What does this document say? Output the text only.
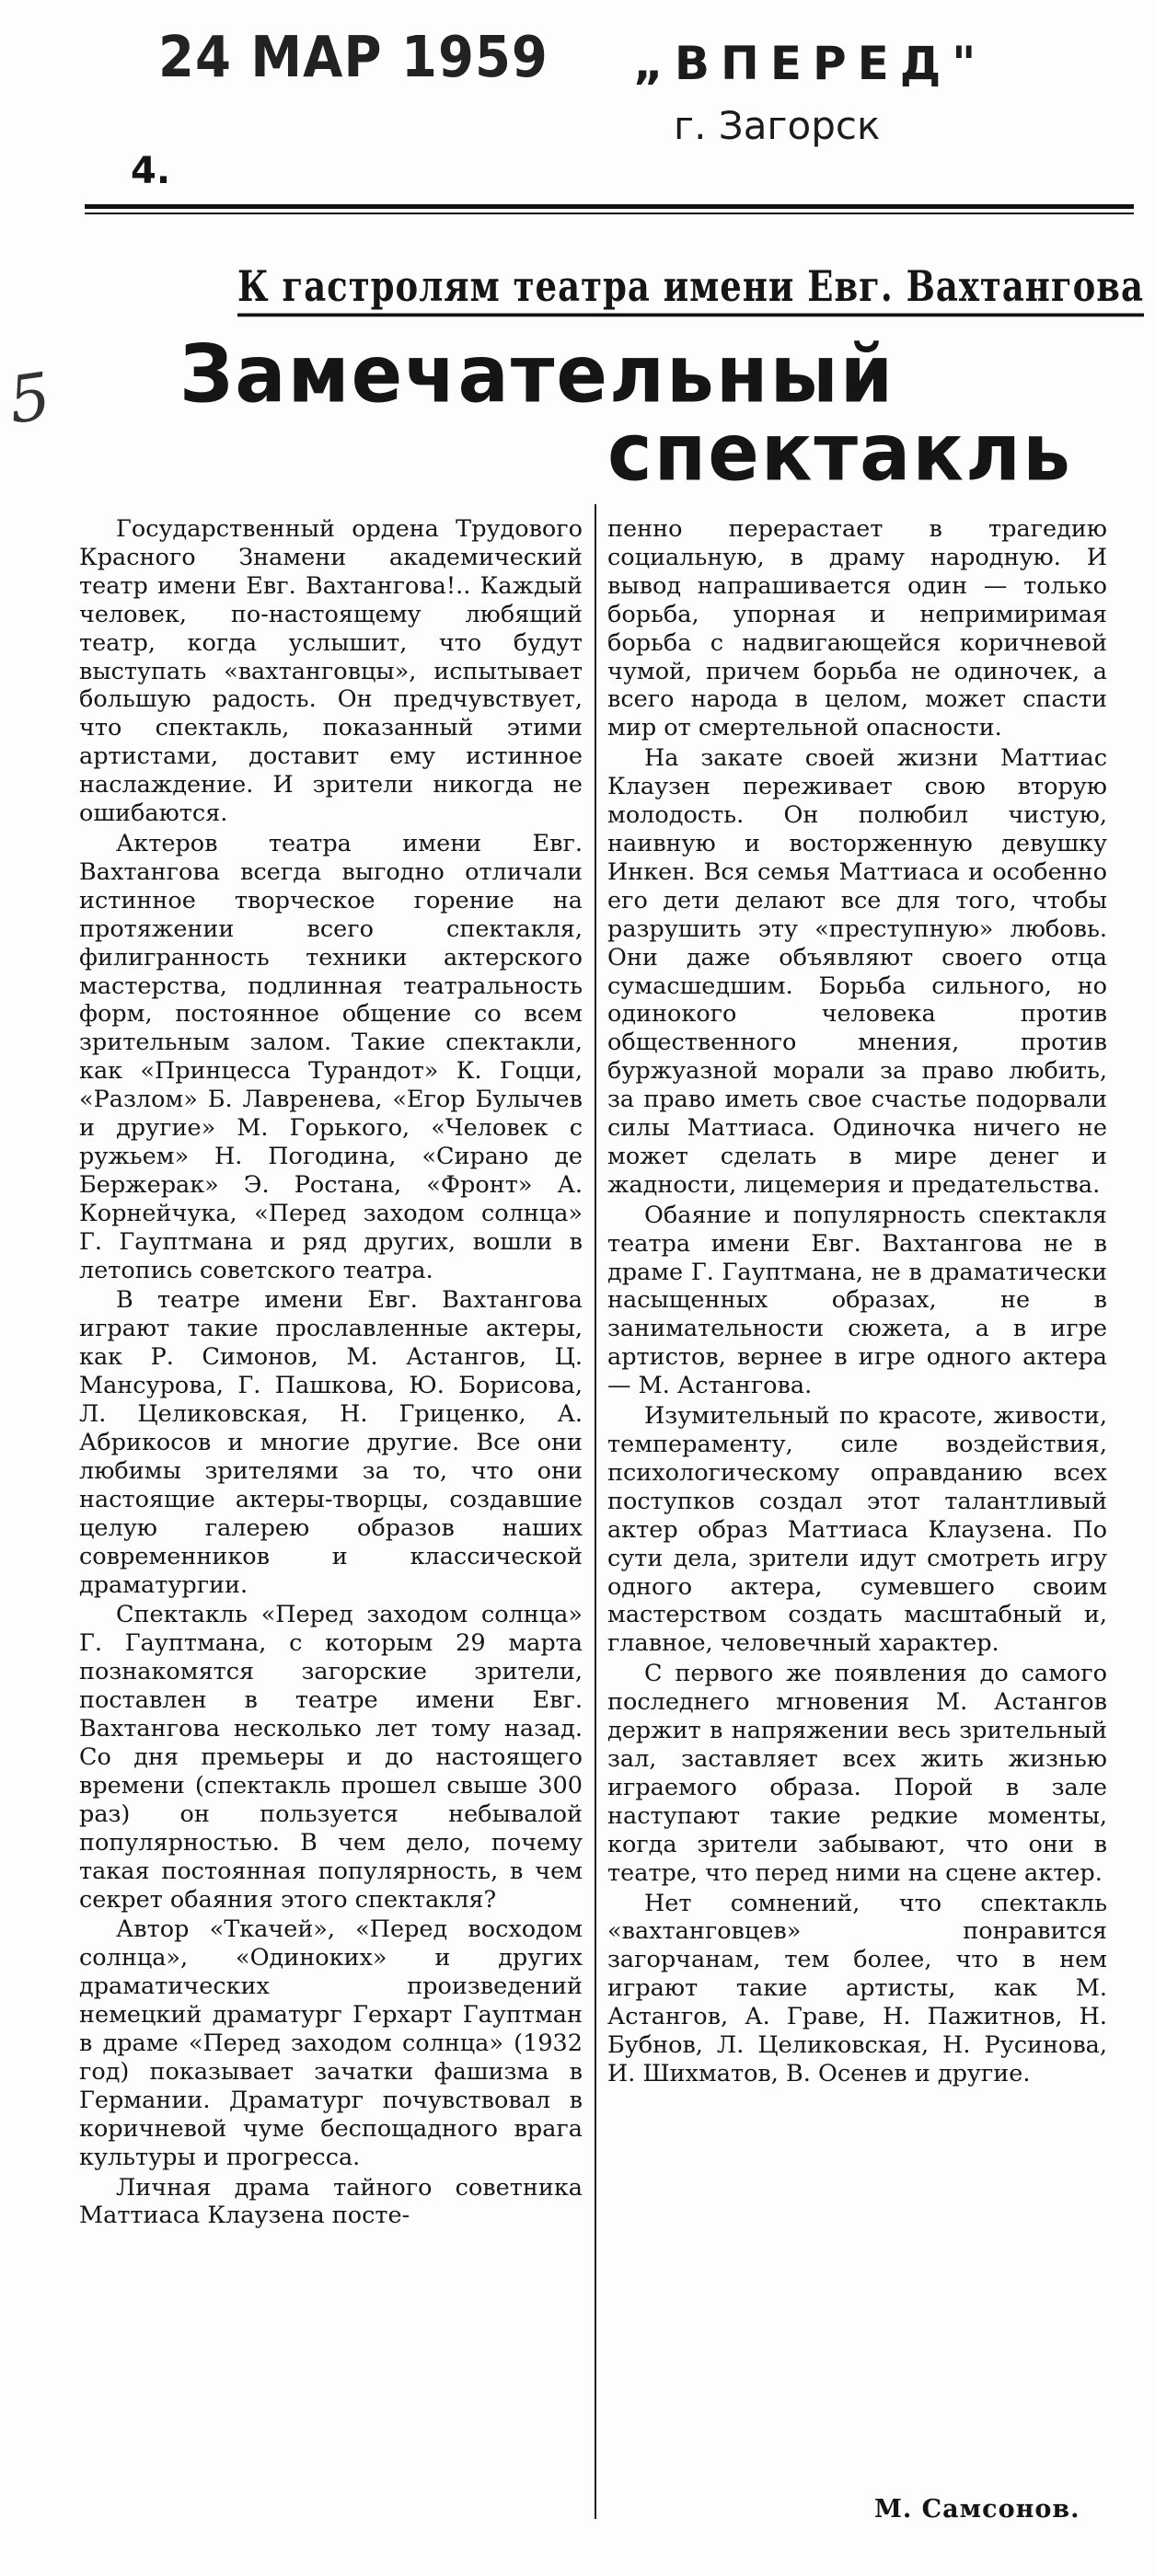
24 МАР 1959 „ВПЕРЕД"
г. Загорск
4.
5
К гастролям театра имени Евг. Вахтангова
Замечательный
спектакль

Государственный ордена Трудового Красного Знамени академический театр имени Евг. Вахтангова!.. Каждый человек, по-настоящему любящий театр, когда услышит, что будут выступать «вахтанговцы», испытывает большую радость. Он предчувствует, что спектакль, показанный этими артистами, доставит ему истинное наслаждение. И зрители никогда не ошибаются.

Актеров театра имени Евг. Вахтангова всегда выгодно отличали истинное творческое горение на протяжении всего спектакля, филигранность техники актерского мастерства, подлинная театральность форм, постоянное общение со всем зрительным залом. Такие спектакли, как «Принцесса Турандот» К. Гоцци, «Разлом» Б. Лавренева, «Егор Булычев и другие» М. Горького, «Человек с ружьем» Н. Погодина, «Сирано де Бержерак» Э. Ростана, «Фронт» А. Корнейчука, «Перед заходом солнца» Г. Гауптмана и ряд других, вошли в летопись советского театра.

В театре имени Евг. Вахтангова играют такие прославленные актеры, как Р. Симонов, М. Астангов, Ц. Мансурова, Г. Пашкова, Ю. Борисова, Л. Целиковская, Н. Гриценко, А. Абрикосов и многие другие. Все они любимы зрителями за то, что они настоящие актеры-творцы, создавшие целую галерею образов наших современников и классической драматургии.

Спектакль «Перед заходом солнца» Г. Гауптмана, с которым 29 марта познакомятся загорские зрители, поставлен в театре имени Евг. Вахтангова несколько лет тому назад. Со дня премьеры и до настоящего времени (спектакль прошел свыше 300 раз) он пользуется небывалой популярностью. В чем дело, почему такая постоянная популярность, в чем секрет обаяния этого спектакля?

Автор «Ткачей», «Перед восходом солнца», «Одиноких» и других драматических произведений немецкий драматург Герхарт Гауптман в драме «Перед заходом солнца» (1932 год) показывает зачатки фашизма в Германии. Драматург почувствовал в коричневой чуме беспощадного врага культуры и прогресса.

Личная драма тайного советника Маттиаса Клаузена посте-

пенно перерастает в трагедию социальную, в драму народную. И вывод напрашивается один — только борьба, упорная и непримиримая борьба с надвигающейся коричневой чумой, причем борьба не одиночек, а всего народа в целом, может спасти мир от смертельной опасности.

На закате своей жизни Маттиас Клаузен переживает свою вторую молодость. Он полюбил чистую, наивную и восторженную девушку Инкен. Вся семья Маттиаса и особенно его дети делают все для того, чтобы разрушить эту «преступную» любовь. Они даже объявляют своего отца сумасшедшим. Борьба сильного, но одинокого человека против общественного мнения, против буржуазной морали за право любить, за право иметь свое счастье подорвали силы Маттиаса. Одиночка ничего не может сделать в мире денег и жадности, лицемерия и предательства.

Обаяние и популярность спектакля театра имени Евг. Вахтангова не в драме Г. Гауптмана, не в драматически насыщенных образах, не в занимательности сюжета, а в игре артистов, вернее в игре одного актера — М. Астангова.

Изумительный по красоте, живости, темпераменту, силе воздействия, психологическому оправданию всех поступков создал этот талантливый актер образ Маттиаса Клаузена. По сути дела, зрители идут смотреть игру одного актера, сумевшего своим мастерством создать масштабный и, главное, человечный характер.

С первого же появления до самого последнего мгновения М. Астангов держит в напряжении весь зрительный зал, заставляет всех жить жизнью играемого образа. Порой в зале наступают такие редкие моменты, когда зрители забывают, что они в театре, что перед ними на сцене актер.

Нет сомнений, что спектакль «вахтанговцев» понравится загорчанам, тем более, что в нем играют такие артисты, как М. Астангов, А. Граве, Н. Пажитнов, Н. Бубнов, Л. Целиковская, Н. Русинова, И. Шихматов, В. Осенев и другие.

М. Самсонов.
